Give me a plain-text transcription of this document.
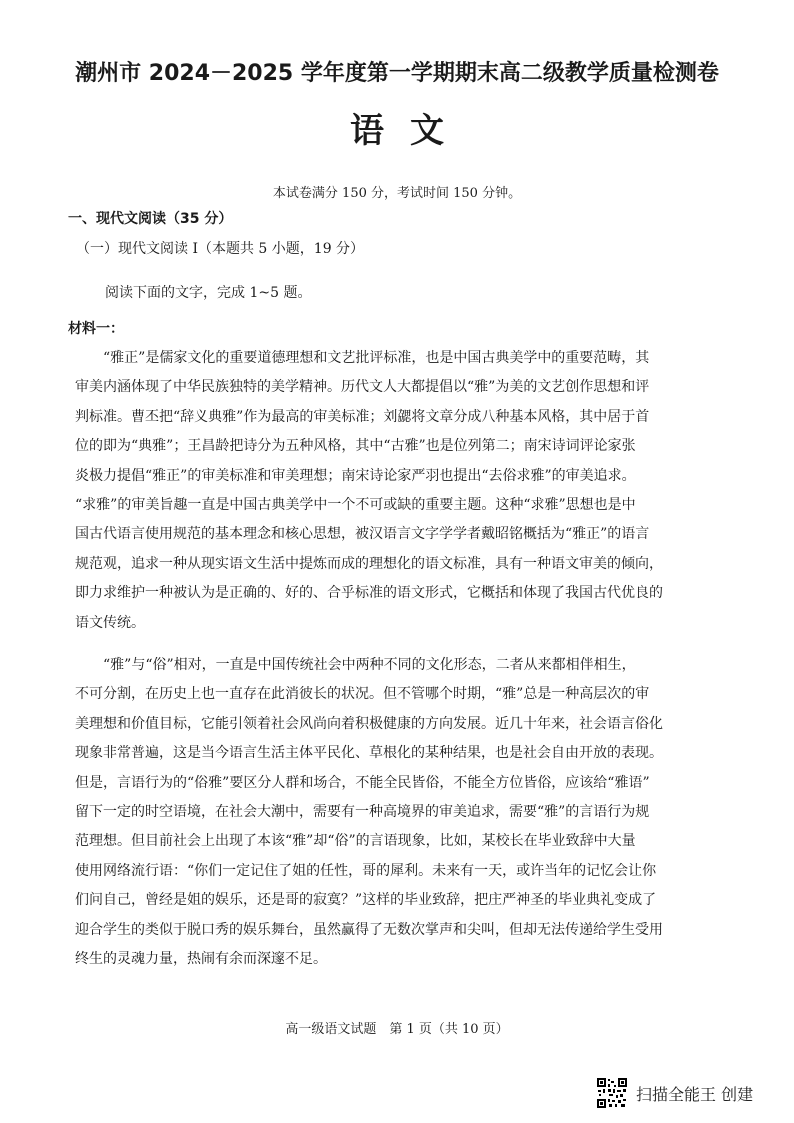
潮州市 2024－2025 学年度第一学期期末高二级教学质量检测卷
语文
本试卷满分 150 分，考试时间 150 分钟。
一、现代文阅读（35 分）
（一）现代文阅读 I（本题共 5 小题，19 分）
阅读下面的文字，完成 1~5 题。
材料一：
　　“雅正”是儒家文化的重要道德理想和文艺批评标准，也是中国古典美学中的重要范畴，其
审美内涵体现了中华民族独特的美学精神。历代文人大都提倡以“雅”为美的文艺创作思想和评
判标准。曹丕把“辞义典雅”作为最高的审美标准；刘勰将文章分成八种基本风格，其中居于首
位的即为“典雅”；王昌龄把诗分为五种风格，其中“古雅”也是位列第二；南宋诗词评论家张
炎极力提倡“雅正”的审美标准和审美理想；南宋诗论家严羽也提出“去俗求雅”的审美追求。
“求雅”的审美旨趣一直是中国古典美学中一个不可或缺的重要主题。这种“求雅”思想也是中
国古代语言使用规范的基本理念和核心思想，被汉语言文字学学者戴昭铭概括为“雅正”的语言
规范观，追求一种从现实语文生活中提炼而成的理想化的语文标准，具有一种语文审美的倾向，
即力求维护一种被认为是正确的、好的、合乎标准的语文形式，它概括和体现了我国古代优良的
语文传统。
　　“雅”与“俗”相对，一直是中国传统社会中两种不同的文化形态，二者从来都相伴相生，
不可分割，在历史上也一直存在此消彼长的状况。但不管哪个时期，“雅”总是一种高层次的审
美理想和价值目标，它能引领着社会风尚向着积极健康的方向发展。近几十年来，社会语言俗化
现象非常普遍，这是当今语言生活主体平民化、草根化的某种结果，也是社会自由开放的表现。
但是，言语行为的“俗雅”要区分人群和场合，不能全民皆俗，不能全方位皆俗，应该给“雅语”
留下一定的时空语境，在社会大潮中，需要有一种高境界的审美追求，需要“雅”的言语行为规
范理想。但目前社会上出现了本该“雅”却“俗”的言语现象，比如，某校长在毕业致辞中大量
使用网络流行语：“你们一定记住了姐的任性，哥的犀利。未来有一天，或许当年的记忆会让你
们问自己，曾经是姐的娱乐，还是哥的寂寞？”这样的毕业致辞，把庄严神圣的毕业典礼变成了
迎合学生的类似于脱口秀的娱乐舞台，虽然赢得了无数次掌声和尖叫，但却无法传递给学生受用
终生的灵魂力量，热闹有余而深邃不足。
高一级语文试题　第 1 页（共 10 页）
扫描全能王 创建
